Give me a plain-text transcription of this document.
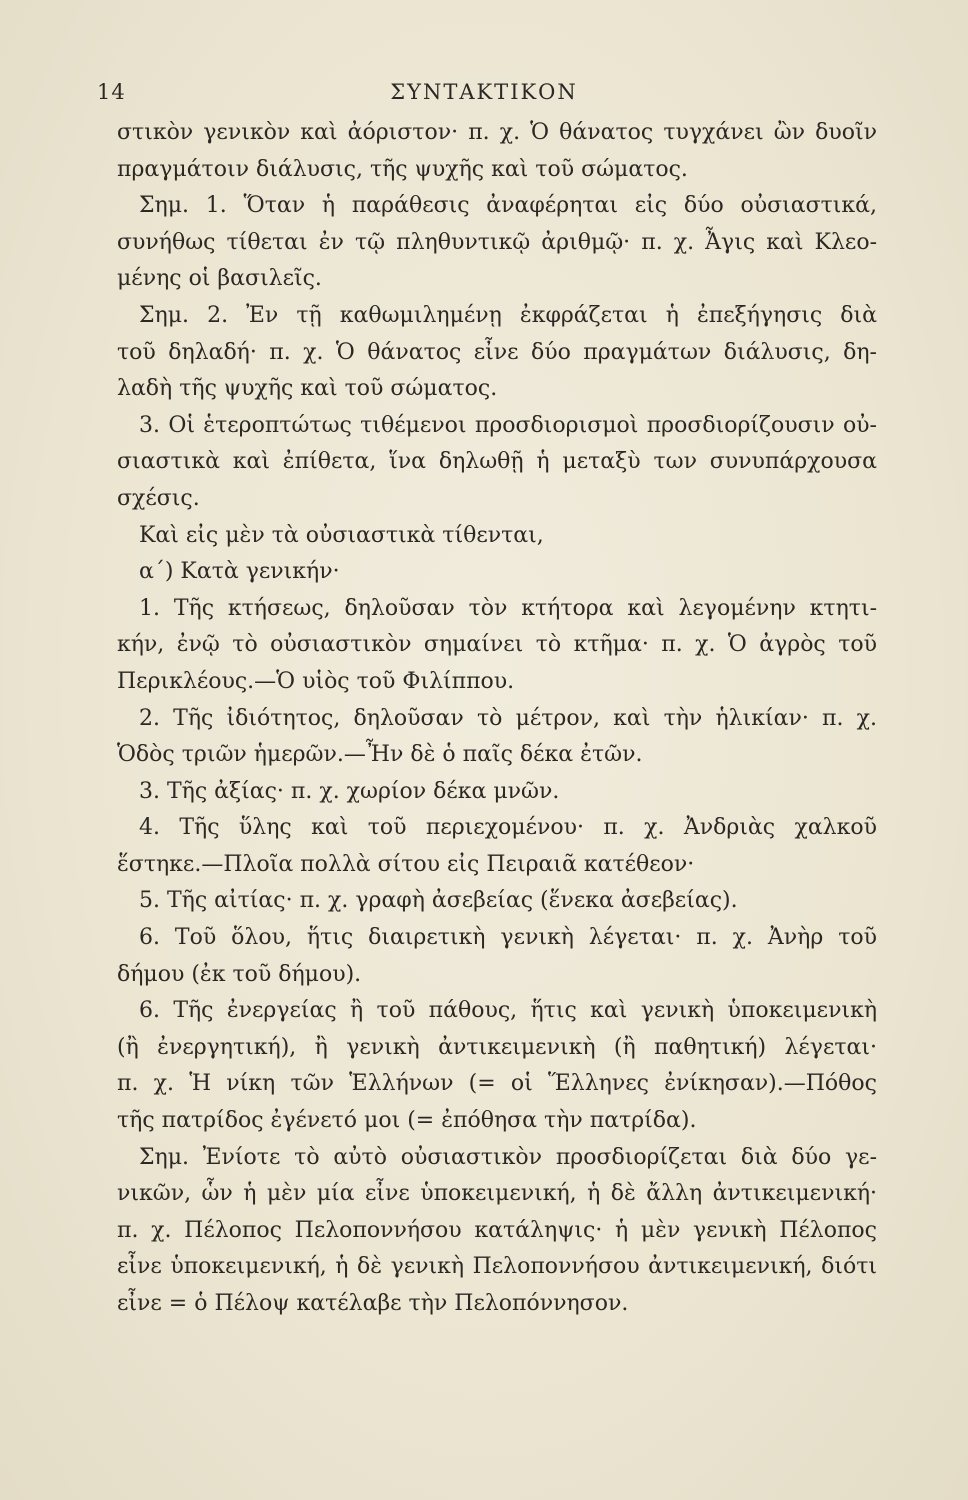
14	ΣΥΝΤΑΚΤΙΚΟΝ
στικὸν γενικὸν καὶ ἀόριστον· π. χ. Ὁ θάνατος τυγχάνει ὢν δυοῖν
πραγμάτοιν διάλυσις, τῆς ψυχῆς καὶ τοῦ σώματος.
Σημ. 1. Ὅταν ἡ παράθεσις ἀναφέρηται εἰς δύο οὐσιαστικά,
συνήθως τίθεται ἐν τῷ πληθυντικῷ ἀριθμῷ· π. χ. Ἆγις καὶ Κλεο-
μένης οἱ βασιλεῖς.
Σημ. 2. Ἐν τῇ καθωμιλημένῃ ἐκφράζεται ἡ ἐπεξήγησις διὰ
τοῦ δηλαδή· π. χ. Ὁ θάνατος εἶνε δύο πραγμάτων διάλυσις, δη-
λαδὴ τῆς ψυχῆς καὶ τοῦ σώματος.
3. Οἱ ἑτεροπτώτως τιθέμενοι προσδιορισμοὶ προσδιορίζουσιν οὐ-
σιαστικὰ καὶ ἐπίθετα, ἵνα δηλωθῇ ἡ μεταξὺ των συνυπάρχουσα
σχέσις.
Καὶ εἰς μὲν τὰ οὐσιαστικὰ τίθενται,
α΄) Κατὰ γενικήν·
1. Τῆς κτήσεως, δηλοῦσαν τὸν κτήτορα καὶ λεγομένην κτητι-
κήν, ἐνῷ τὸ οὐσιαστικὸν σημαίνει τὸ κτῆμα· π. χ. Ὁ ἀγρὸς τοῦ
Περικλέους.—Ὁ υἱὸς τοῦ Φιλίππου.
2. Τῆς ἰδιότητος, δηλοῦσαν τὸ μέτρον, καὶ τὴν ἡλικίαν· π. χ.
Ὁδὸς τριῶν ἡμερῶν.—Ἦν δὲ ὁ παῖς δέκα ἐτῶν.
3. Τῆς ἀξίας· π. χ. χωρίον δέκα μνῶν.
4. Τῆς ὕλης καὶ τοῦ περιεχομένου· π. χ. Ἀνδριὰς χαλκοῦ
ἕστηκε.—Πλοῖα πολλὰ σίτου εἰς Πειραιᾶ κατέθεον·
5. Τῆς αἰτίας· π. χ. γραφὴ ἀσεβείας (ἕνεκα ἀσεβείας).
6. Τοῦ ὅλου, ἥτις διαιρετικὴ γενικὴ λέγεται· π. χ. Ἀνὴρ τοῦ
δήμου (ἐκ τοῦ δήμου).
6. Τῆς ἐνεργείας ἢ τοῦ πάθους, ἥτις καὶ γενικὴ ὑποκειμενικὴ
(ἢ ἐνεργητική), ἢ γενικὴ ἀντικειμενικὴ (ἢ παθητική) λέγεται·
π. χ. Ἡ νίκη τῶν Ἑλλήνων (= οἱ Ἕλληνες ἐνίκησαν).—Πόθος
τῆς πατρίδος ἐγένετό μοι (= ἐπόθησα τὴν πατρίδα).
Σημ. Ἐνίοτε τὸ αὐτὸ οὐσιαστικὸν προσδιορίζεται διὰ δύο γε-
νικῶν, ὧν ἡ μὲν μία εἶνε ὑποκειμενική, ἡ δὲ ἄλλη ἀντικειμενική·
π. χ. Πέλοπος Πελοποννήσου κατάληψις· ἡ μὲν γενικὴ Πέλοπος
εἶνε ὑποκειμενική, ἡ δὲ γενικὴ Πελοποννήσου ἀντικειμενική, διότι
εἶνε = ὁ Πέλοψ κατέλαβε τὴν Πελοπόννησον.
